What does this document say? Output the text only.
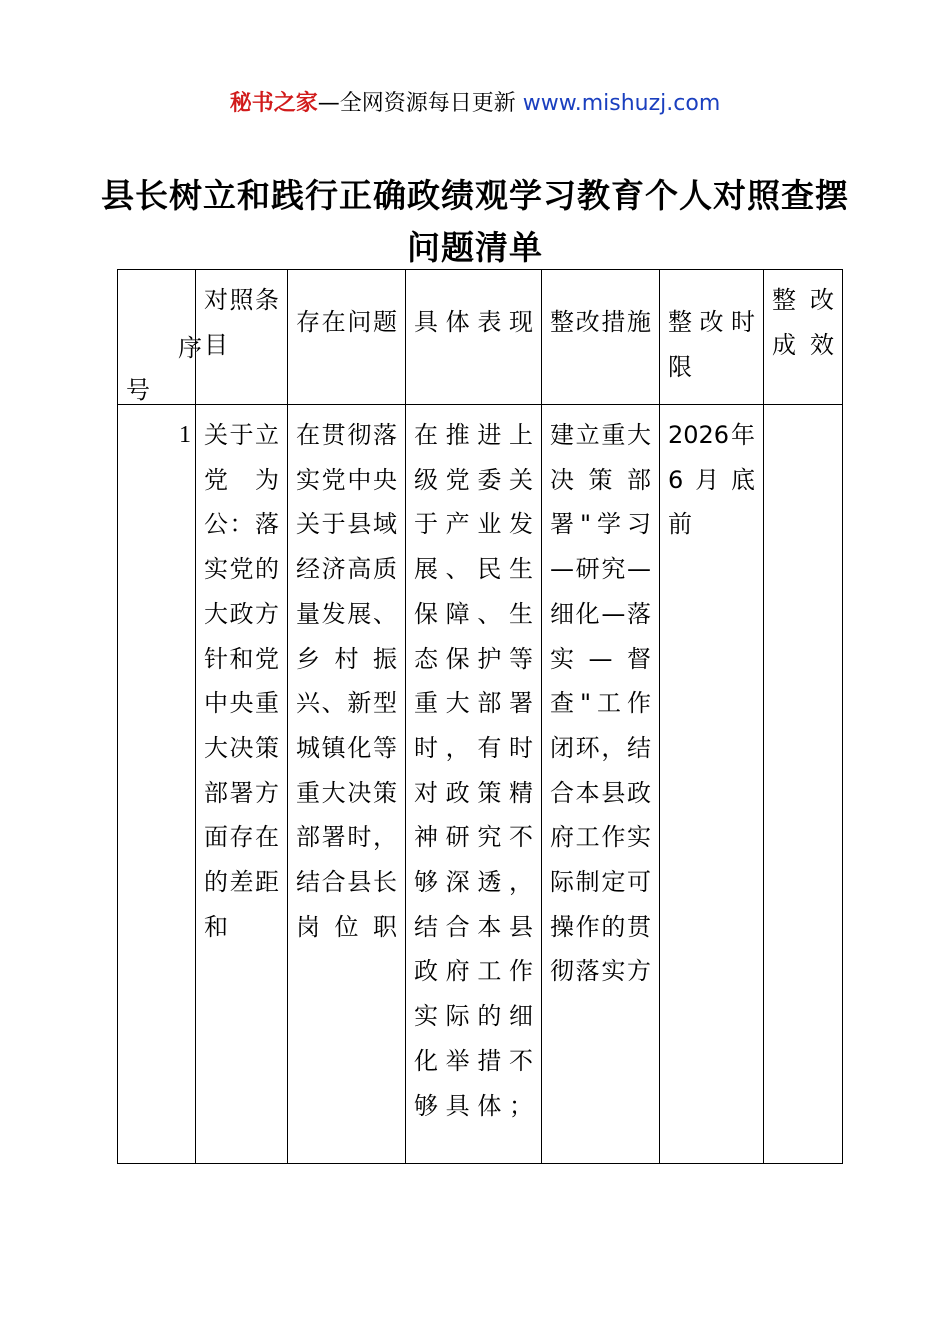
秘书之家—全网资源每日更新 www.mishuzj.com
县长树立和践行正确政绩观学习教育个人对照查摆问题清单
序
号	对照条目	存在问题	具体表现	整改措施	整改时限	整改成效

1	关于立党为公：落实党的大政方针和党中央重大决策部署方面存在的差距和	在贯彻落实党中央关于县域经济高质量发展、乡村振兴、新型城镇化等重大决策部署时，结合县长岗位职	在推进上级党委关于产业发展、民生保障、生态保护等重大部署时，有时对政策精神研究不够深透，结合本县政府工作实际的细化举措不够具体；	建立重大决策部署"学习—研究—细化—落实—督查"工作闭环，结合本县政府工作实际制定可操作的贯彻落实方	2026年6月底前	
